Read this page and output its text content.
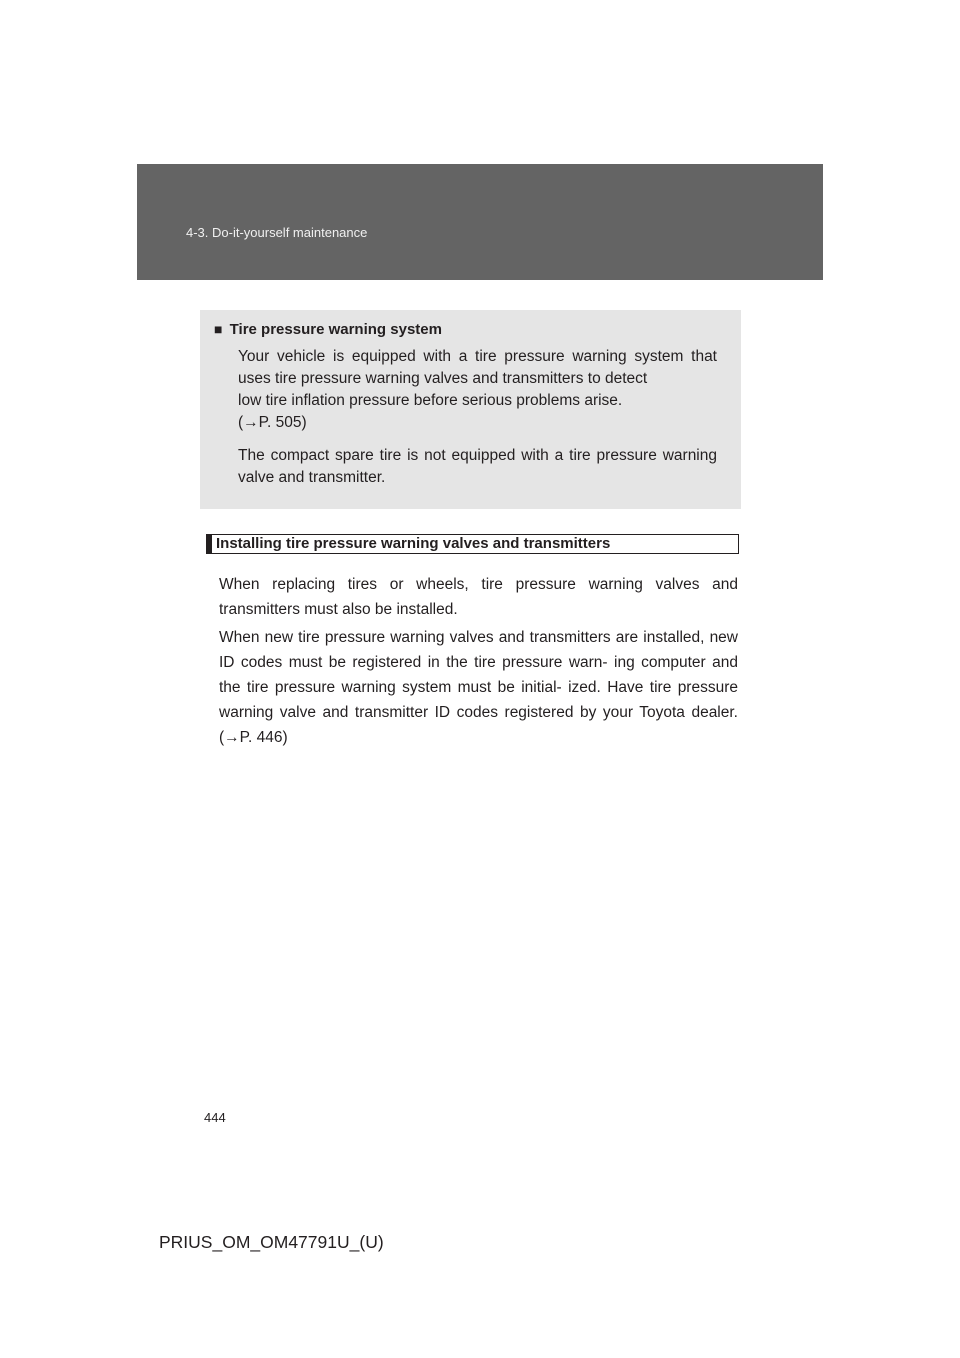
4-3. Do-it-yourself maintenance
■ Tire pressure warning system

Your vehicle is equipped with a tire pressure warning system that uses tire pressure warning valves and transmitters to detect
low tire inflation pressure before serious problems arise.

(→P. 505)

The compact spare tire is not equipped with a tire pressure warning valve and transmitter.

Installing tire pressure warning valves and transmitters

When replacing tires or wheels, tire pressure warning valves and transmitters must also be installed.

When new tire pressure warning valves and transmitters are installed, new ID codes must be registered in the tire pressure warn- ing computer and the tire pressure warning system must be initial- ized. Have tire pressure warning valve and transmitter ID codes registered by your Toyota dealer. (→P. 446)

444
PRIUS_OM_OM47791U_(U)
